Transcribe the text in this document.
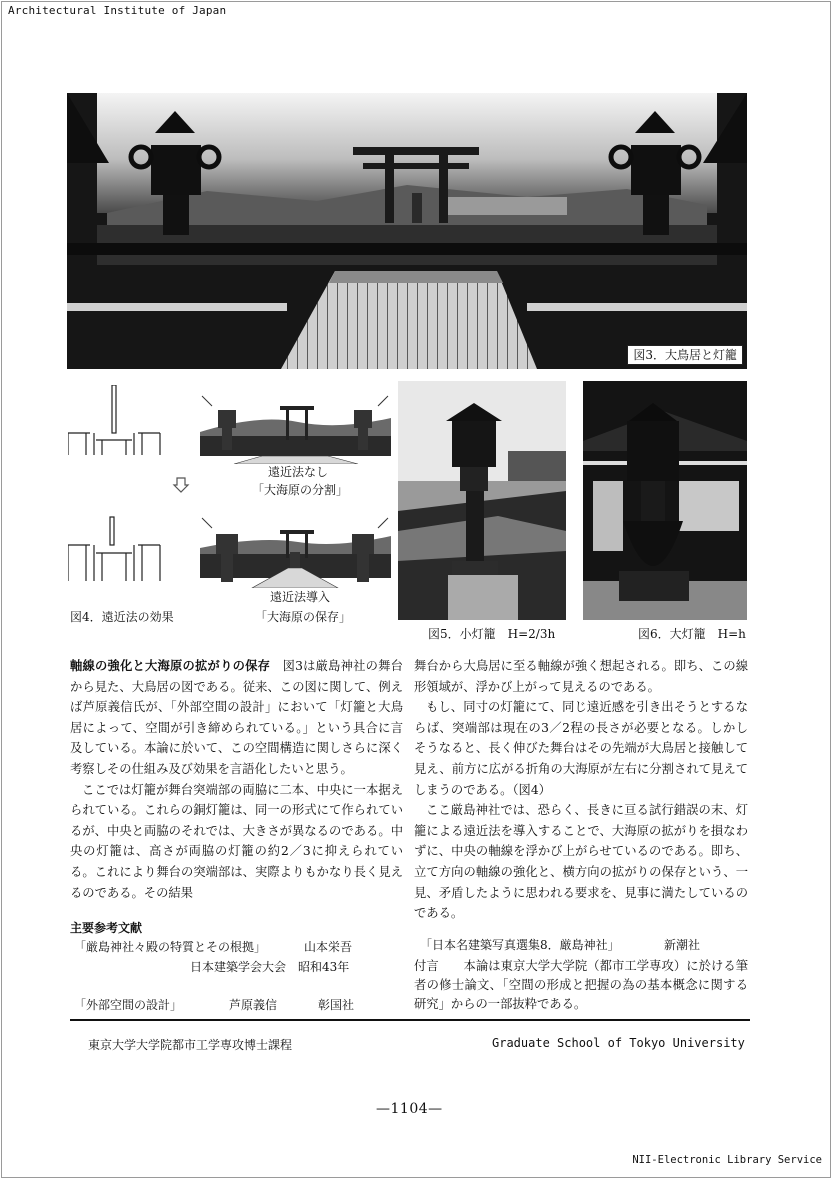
Architectural Institute of Japan
図3．大鳥居と灯籠
遠近法なし
「大海原の分割」
遠近法導入
「大海原の保存」
図4．遠近法の効果
図5．小灯籠　H=2/3h	図6．大灯籠　H=h

軸線の強化と大海原の拡がりの保存　 図3は厳島神社の舞台から見た、大鳥居の図である。従来、この図に関して、例えば芦原義信氏が、「外部空間の設計」において「灯籠と大鳥居によって、空間が引き締められている。」という具合に言及している。本論に於いて、この空間構造に関しさらに深く考察しその仕組み及び効果を言語化したいと思う。

ここでは灯籠が舞台突端部の両脇に二本、中央に一本据えられている。これらの銅灯籠は、同一の形式にて作られているが、中央と両脇のそれでは、大きさが異なるのである。中央の灯籠は、高さが両脇の灯籠の約2／3に抑えられている。これにより舞台の突端部は、実際よりもかなり長く見えるのである。その結果

舞台から大鳥居に至る軸線が強く想起される。即ち、この線形領域が、浮かび上がって見えるのである。

もし、同寸の灯籠にて、同じ遠近感を引き出そうとするならば、突端部は現在の3／2程の長さが必要となる。しかしそうなると、長く伸びた舞台はその先端が大鳥居と接触して見え、前方に広がる折角の大海原が左右に分割されて見えてしまうのである。（図4）

ここ厳島神社では、恐らく、長きに亘る試行錯誤の末、灯籠による遠近法を導入することで、大海原の拡がりを損なわずに、中央の軸線を浮かび上がらせているのである。即ち、立て方向の軸線の強化と、横方向の拡がりの保存という、一見、矛盾したように思われる要求を、見事に満たしているのである。

主要参考文献
「厳島神社々殿の特質とその根拠」	山本栄吾
日本建築学会大会　昭和43年
「外部空間の設計」	芦原義信	彰国社
「日本名建築写真選集8．厳島神社」	新潮社
付言　　本論は東京大学大学院（都市工学専攻）に於ける筆者の修士論文、「空間の形成と把握の為の基本概念に関する研究」からの一部抜粋である。
東京大学大学院都市工学専攻博士課程	Graduate School of Tokyo University
—1104—
NII-Electronic Library Service
